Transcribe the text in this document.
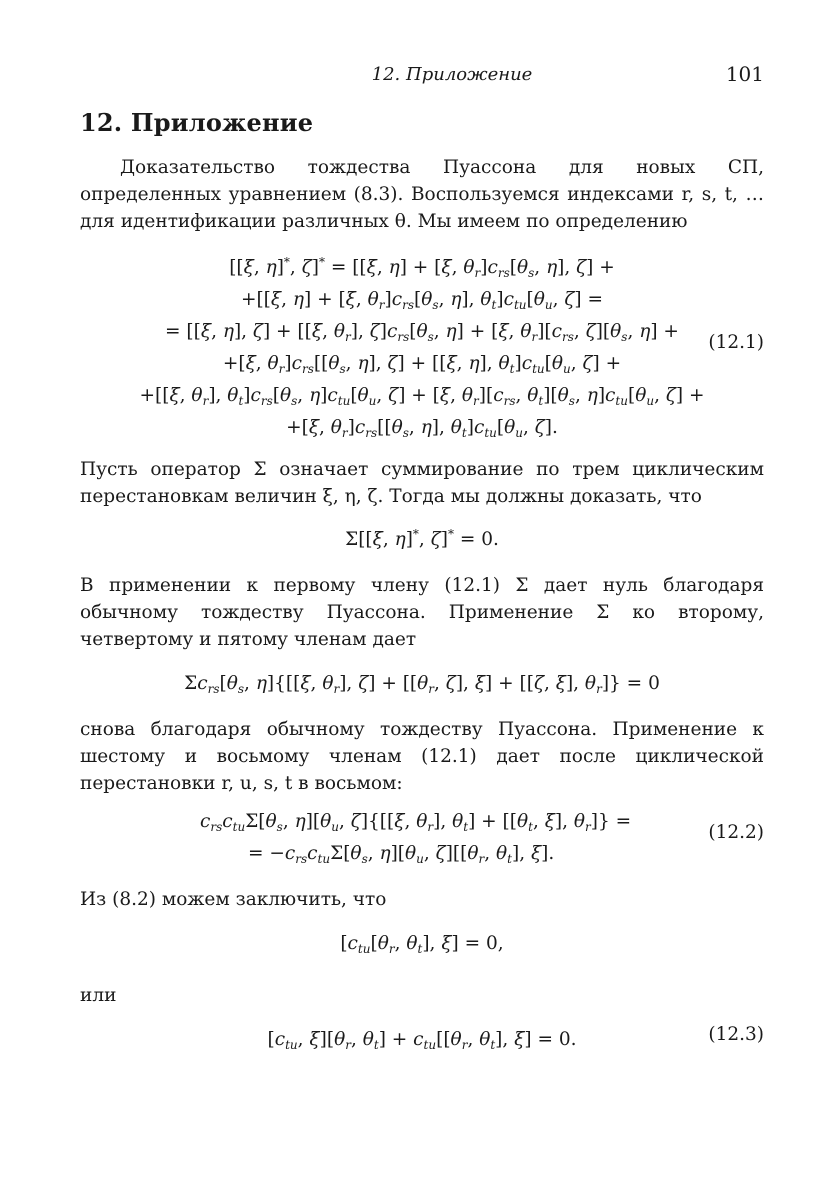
12. Приложение	101
12. Приложение
Доказательство тождества Пуассона для новых СП, определенных уравнением (8.3). Воспользуемся индексами r, s, t, … для идентификации различных θ. Мы имеем по определению
[[ξ, η]*, ζ]* = [[ξ, η] + [ξ, $\theta_r]c_{rs}[\theta_s$, η], ζ] +
+[[ξ, η] + [ξ, $\theta_r]c_{rs}[\theta_s$, η], $\theta_t]c_{tu}[\theta_u$, ζ] =
= [[ξ, η], ζ] + [[ξ, $\theta_r$], $\zeta]c_{rs}[\theta_s$, η] + [ξ, $\theta_r][c_{rs}$, $\zeta][\theta_s$, η] +
+[ξ, $\theta_r]c_{rs}[[\theta_s$, η], ζ] + [[ξ, η], $\theta_t]c_{tu}[\theta_u$, ζ] +
+[[ξ, $\theta_r$], $\theta_t]c_{rs}[\theta_s$, $\eta]c_{tu}[\theta_u$, ζ] + [ξ, $\theta_r][c_{rs}$, $\theta_t][\theta_s$, $\eta]c_{tu}[\theta_u$, ζ] +
+[ξ, $\theta_r]c_{rs}[[\theta_s$, η], $\theta_t]c_{tu}[\theta_u$, ζ].
(12.1)
Пусть оператор Σ означает суммирование по трем циклическим перестановкам величин ξ, η, ζ. Тогда мы должны доказать, что
Σ[[ξ, η]*, ζ]* = 0.
В применении к первому члену (12.1) Σ дает нуль благодаря обычному тождеству Пуассона. Применение Σ ко второму, четвертому и пятому членам дает
$\Sigma c_{rs}[\theta_s$, η]{[[ξ, $\theta_r$], $\zeta] + [[\theta_r$, ζ], ξ] + [[ζ, ξ], $\theta_r]\} = 0$
снова благодаря обычному тождеству Пуассона. Применение к шестому и восьмому членам (12.1) дает после циклической перестановки r, u, s, t в восьмом:
$c_{rs}c_{tu}\Sigma[\theta_s$, $\eta][\theta_u$, ζ]{[[ξ, $\theta_r$], $\theta_t] + [[\theta_t$, ξ], $\theta_r$]} =
= $-c_{rs}c_{tu}\Sigma[\theta_s$, $\eta][\theta_u$, $\zeta][[\theta_r$, $\theta_t$], ξ].
(12.2)
Из (8.2) можем заключить, что
[$c_{tu}[\theta_r$, $\theta_t$], ξ] = 0,
или
[$c_{tu}$, $\xi][\theta_r$, $\theta_t] + c_{tu}[[\theta_r$, $\theta_t$], ξ] = 0.	(12.3)
